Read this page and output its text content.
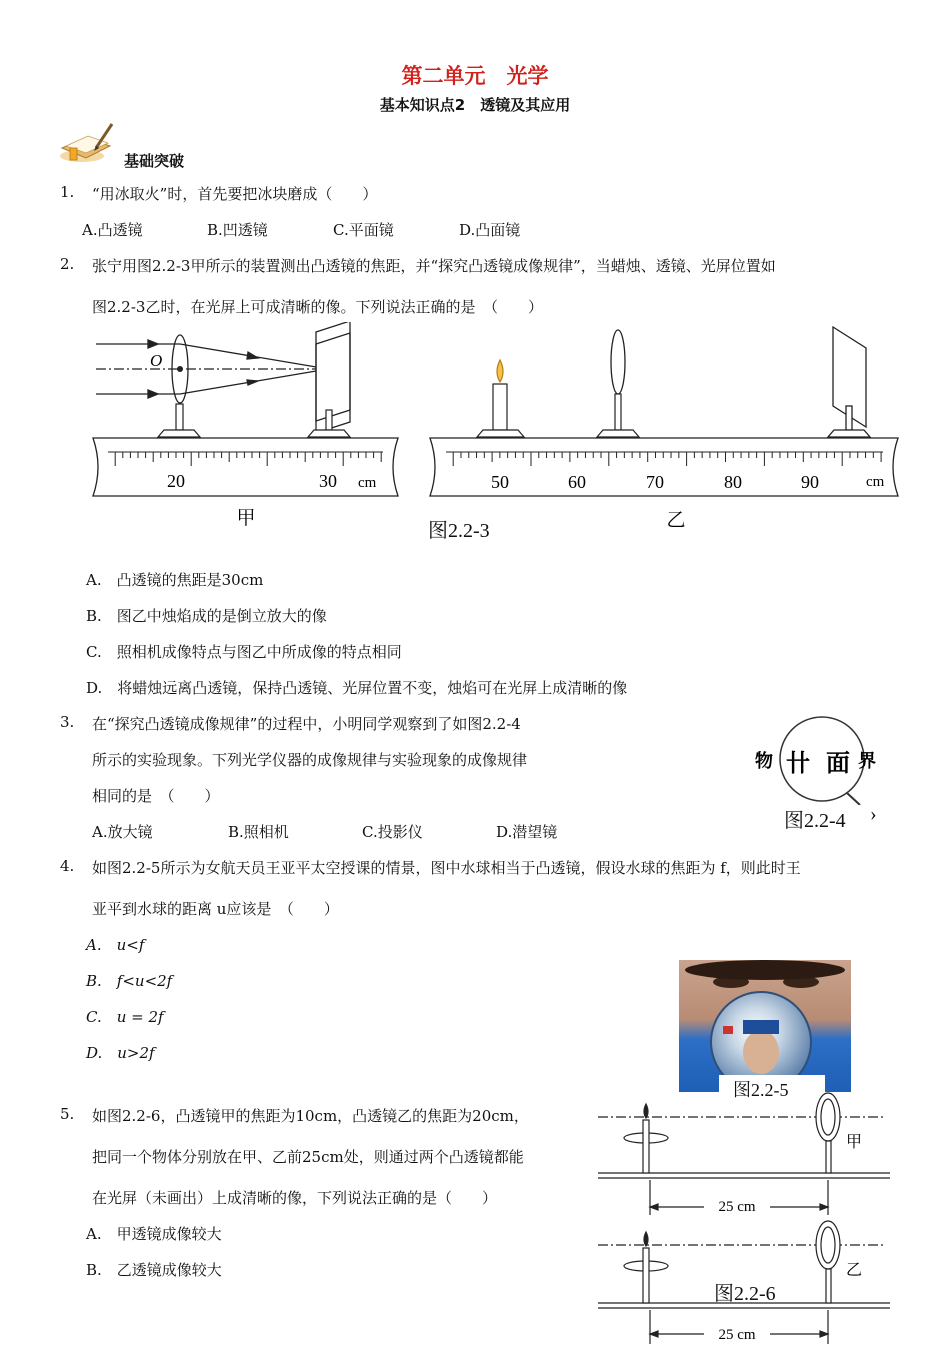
第二单元　光学
基本知识点2　透镜及其应用
基础突破
1. “用冰取火”时，首先要把冰块磨成（　　）
A.凸透镜	B.凹透镜	C.平面镜	D.凸面镜
2. 张宁用图2.2-3甲所示的装置测出凸透镜的焦距，并“探究凸透镜成像规律”，当蜡烛、透镜、光屏位置如
图2.2-3乙时，在光屏上可成清晰的像。下列说法正确的是　（　　）
O
20	30 cm
甲
50	60	70	80	90	cm
乙
图2.2-3
A.　凸透镜的焦距是30cm
B.　图乙中烛焰成的是倒立放大的像
C.　照相机成像特点与图乙中所成像的特点相同
D.　将蜡烛远离凸透镜，保持凸透镜、光屏位置不变，烛焰可在光屏上成清晰的像
3. 在“探究凸透镜成像规律”的过程中，小明同学观察到了如图2.2-4
所示的实验现象。下列光学仪器的成像规律与实验现象的成像规律
相同的是　（　　）
A.放大镜	B.照相机	C.投影仪	D.潜望镜
物 卄 面 界
图2.2-4 ›
4. 如图2.2-5所示为女航天员王亚平太空授课的情景，图中水球相当于凸透镜，假设水球的焦距为 f，则此时王
亚平到水球的距离 u应该是　（　　）
A.　u<f
B.　f<u<2f
C.　u = 2f
D.　u>2f
图2.2-5
5. 如图2.2-6，凸透镜甲的焦距为10cm，凸透镜乙的焦距为20cm，
把同一个物体分别放在甲、乙前25cm处，则通过两个凸透镜都能
在光屏（未画出）上成清晰的像，下列说法正确的是（　　）
A.　甲透镜成像较大
B.　乙透镜成像较大
25 cm
25 cm
甲
乙
图2.2-6
